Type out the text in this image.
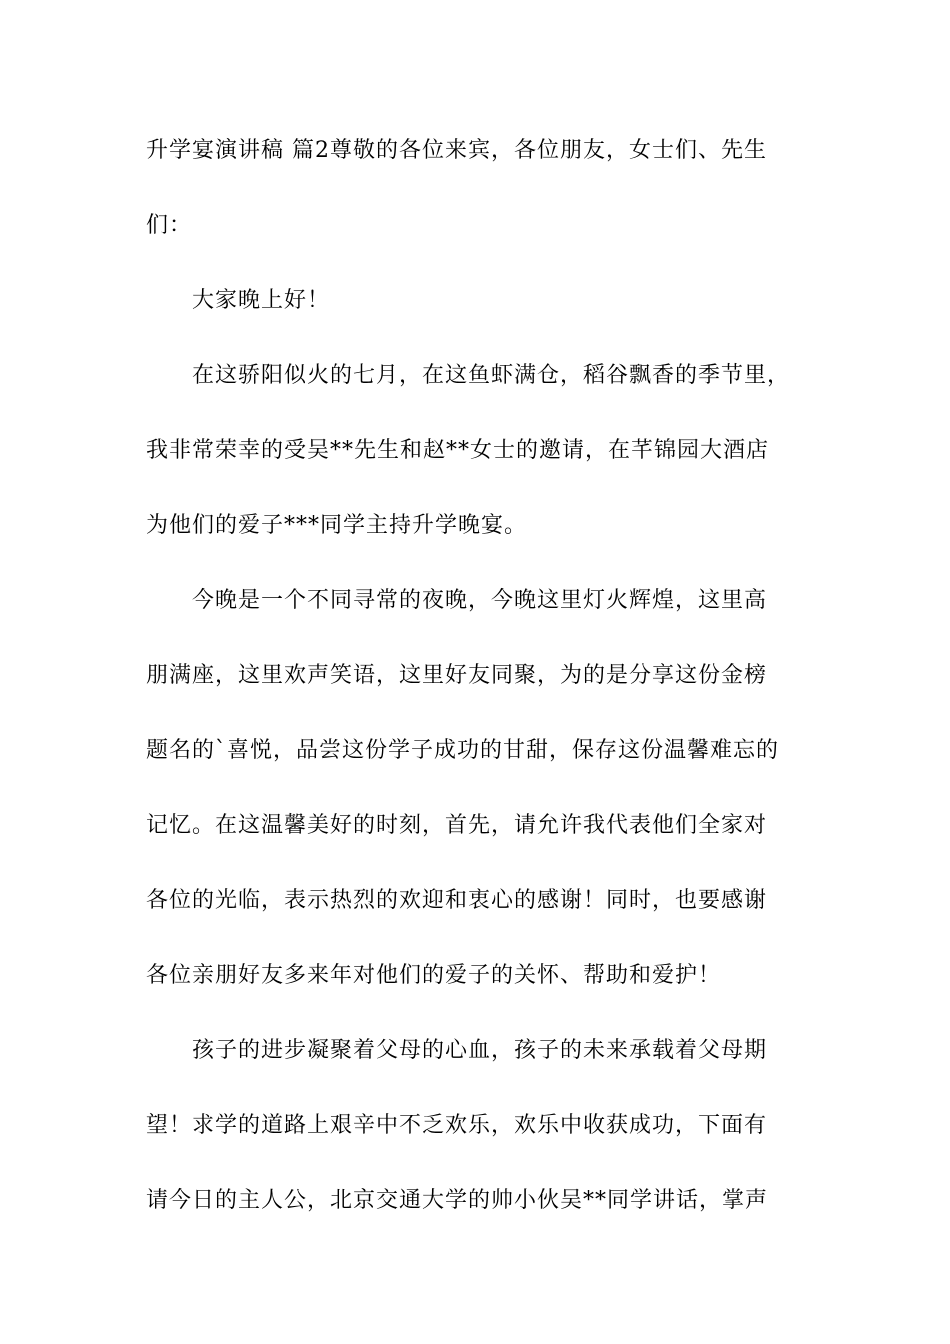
升学宴演讲稿 篇2尊敬的各位来宾，各位朋友，女士们、先生
们：
大家晚上好！
在这骄阳似火的七月，在这鱼虾满仓，稻谷飘香的季节里，
我非常荣幸的受吴**先生和赵**女士的邀请，在芊锦园大酒店
为他们的爱子***同学主持升学晚宴。
今晚是一个不同寻常的夜晚，今晚这里灯火辉煌，这里高
朋满座，这里欢声笑语，这里好友同聚，为的是分享这份金榜
题名的`喜悦，品尝这份学子成功的甘甜，保存这份温馨难忘的
记忆。在这温馨美好的时刻，首先，请允许我代表他们全家对
各位的光临，表示热烈的欢迎和衷心的感谢！同时，也要感谢
各位亲朋好友多来年对他们的爱子的关怀、帮助和爱护！
孩子的进步凝聚着父母的心血，孩子的未来承载着父母期
望！求学的道路上艰辛中不乏欢乐，欢乐中收获成功，下面有
请今日的主人公，北京交通大学的帅小伙吴**同学讲话，掌声
